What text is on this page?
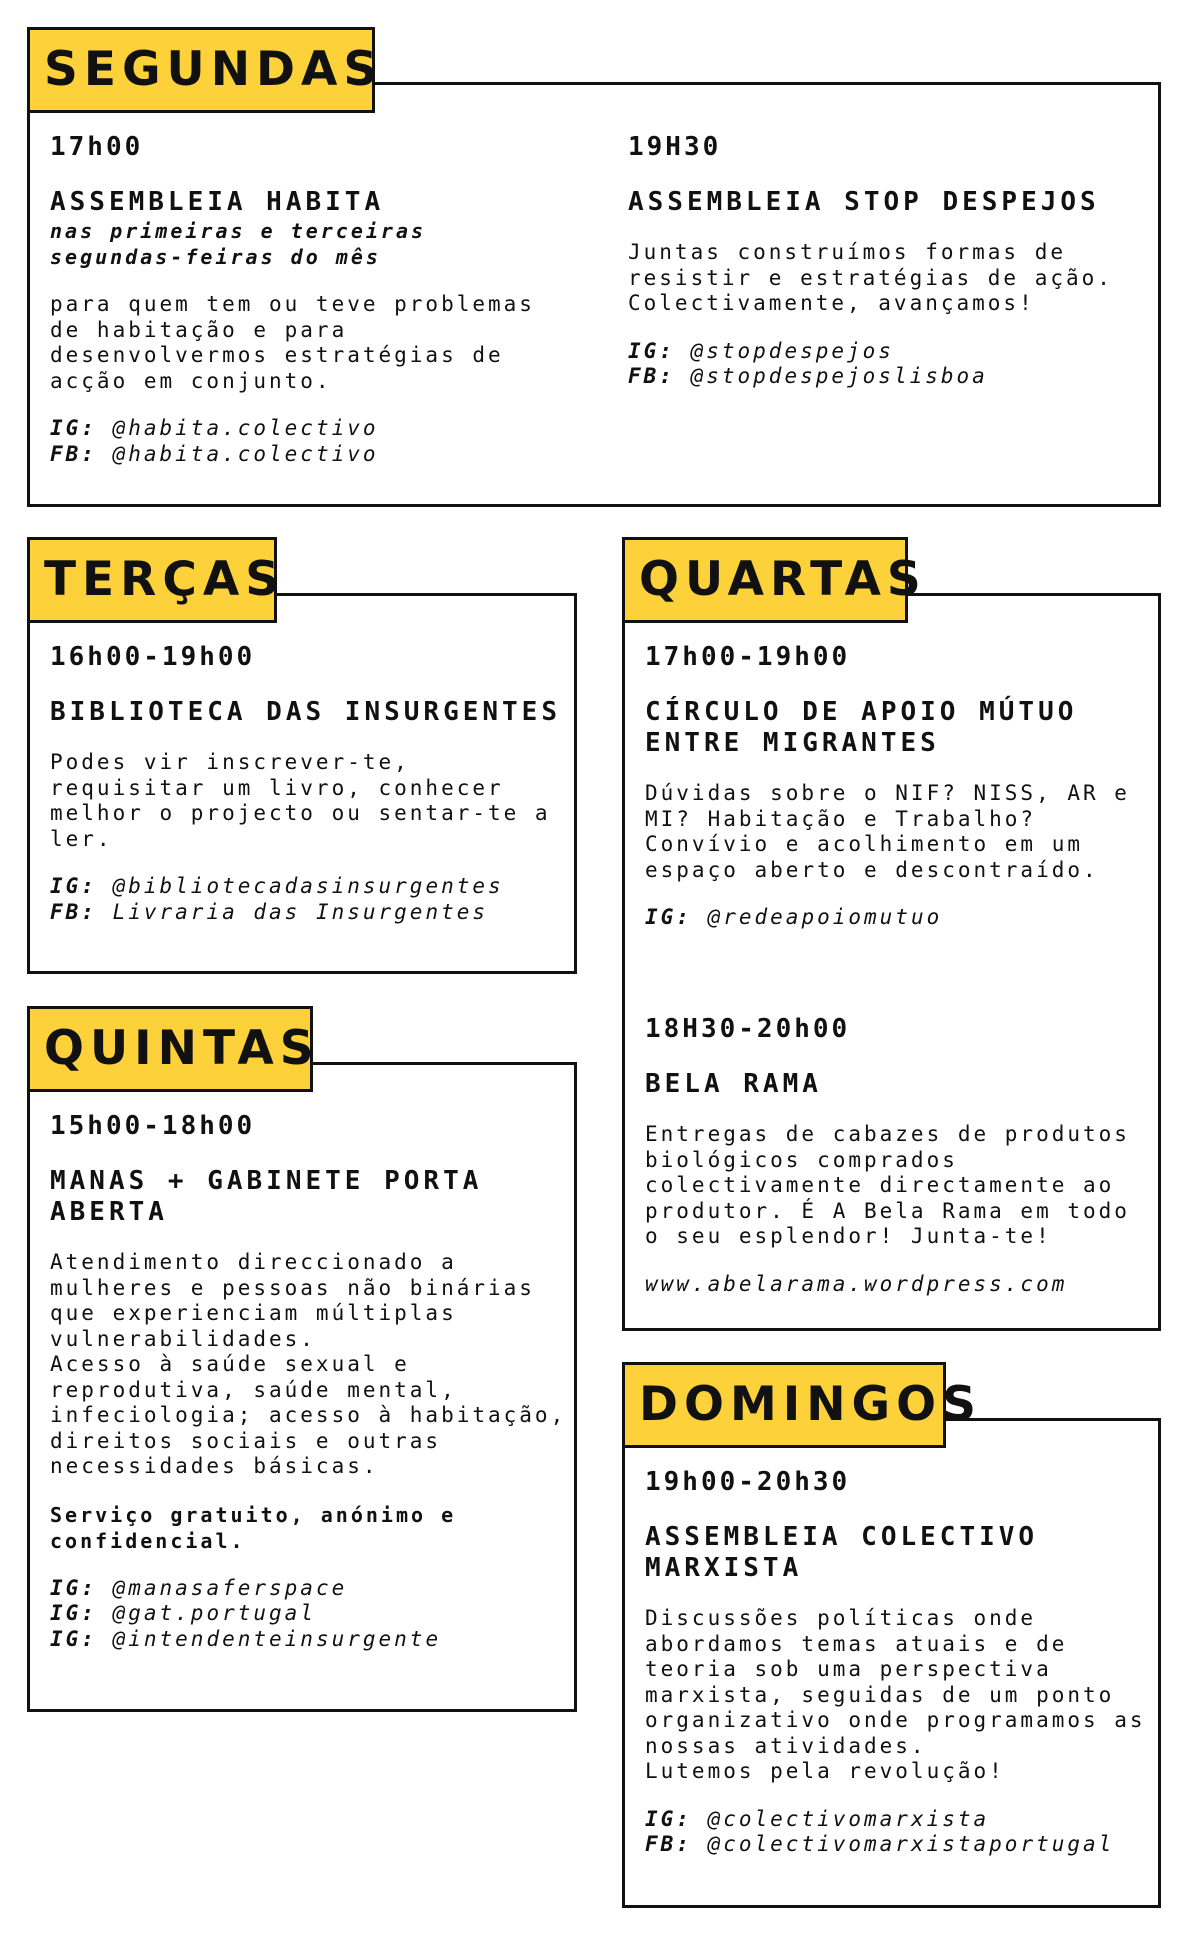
SEGUNDAS

17h00

ASSEMBLEIA HABITA

nas primeiras e terceiras segundas-feiras do mês

para quem tem ou teve problemas de habitação e para desenvolvermos estratégias de acção em conjunto.

IG: @habita.colectivo
FB: @habita.colectivo

19H30

ASSEMBLEIA STOP DESPEJOS

Juntas construímos formas de resistir e estratégias de ação. Colectivamente, avançamos!

IG: @stopdespejos
FB: @stopdespejoslisboa
TERÇAS

16h00-19h00

BIBLIOTECA DAS INSURGENTES

Podes vir inscrever-te, requisitar um livro, conhecer melhor o projecto ou sentar-te a ler.

IG: @bibliotecadasinsurgentes
FB: Livraria das Insurgentes
QUARTAS

17h00-19h00

CÍRCULO DE APOIO MÚTUO ENTRE MIGRANTES

Dúvidas sobre o NIF? NISS, AR e MI? Habitação e Trabalho? Convívio e acolhimento em um espaço aberto e descontraído.

IG: @redeapoiomutuo

18H30-20h00

BELA RAMA

Entregas de cabazes de produtos biológicos comprados colectivamente directamente ao produtor. É A Bela Rama em todo o seu esplendor! Junta-te!

www.abelarama.wordpress.com
QUINTAS

15h00-18h00

MANAS + GABINETE PORTA ABERTA

Atendimento direccionado a mulheres e pessoas não binárias que experienciam múltiplas vulnerabilidades.
Acesso à saúde sexual e reprodutiva, saúde mental, infeciologia; acesso à habitação, direitos sociais e outras necessidades básicas.

Serviço gratuito, anónimo e confidencial.

IG: @manasaferspace
IG: @gat.portugal
IG: @intendenteinsurgente
DOMINGOS

19h00-20h30

ASSEMBLEIA COLECTIVO MARXISTA

Discussões políticas onde abordamos temas atuais e de teoria sob uma perspectiva marxista, seguidas de um ponto organizativo onde programamos as nossas atividades.
Lutemos pela revolução!

IG: @colectivomarxista
FB: @colectivomarxistaportugal
